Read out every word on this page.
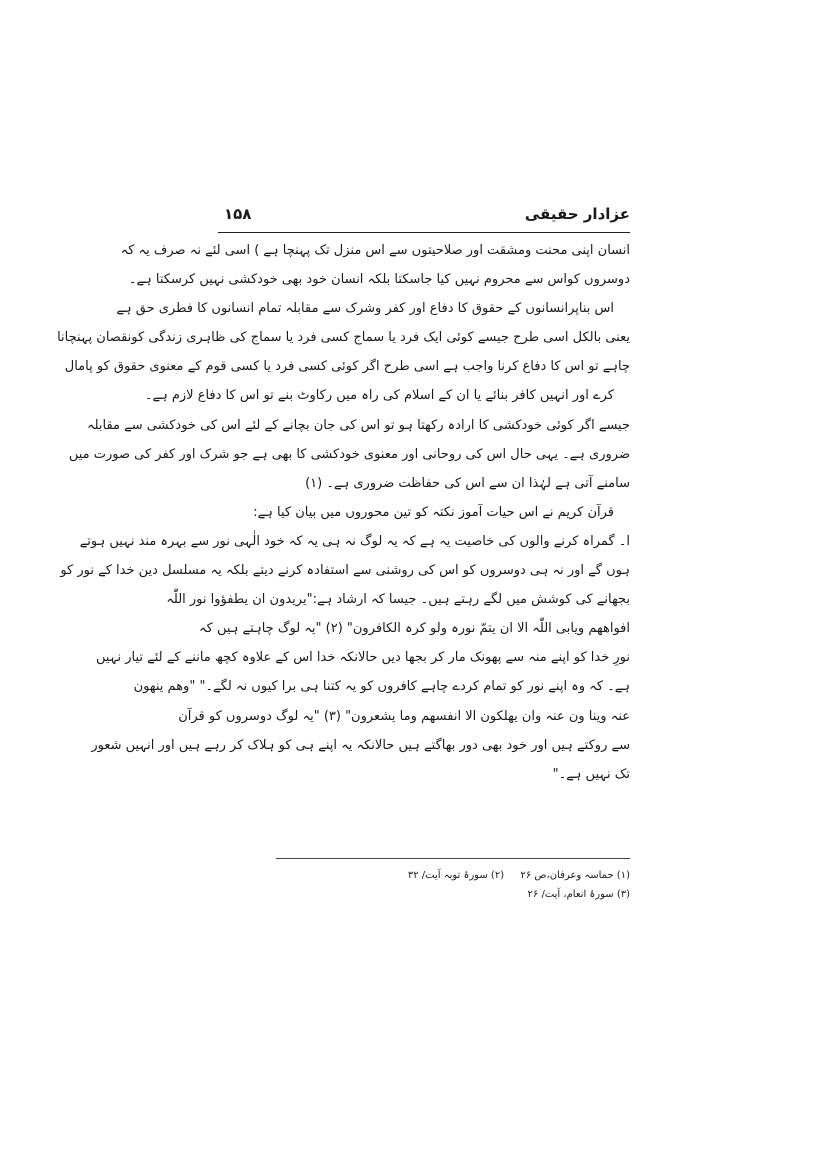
عزادار حقیقی
۱۵۸
انسان اپنی محنت ومشقت اور صلاحیتوں سے اس منزل تک پہنچا ہے ) اسی لئے نہ صرف یہ کہ
دوسروں کواس سے محروم نہیں کیا جاسکتا بلکہ انسان خود بھی خودکشی نہیں کرسکتا ہے۔
اس بناپرانسانوں کے حقوق کا دفاع اور کفر وشرک سے مقابلہ تمام انسانوں کا فطری حق ہے
یعنی بالکل اسی طرح جیسے کوئی ایک فرد یا سماج کسی فرد یا سماج کی ظاہری زندگی کونقصان پہنچانا
چاہے تو اس کا دفاع کرنا واجب ہے اسی طرح اگر کوئی کسی فرد یا کسی قوم کے معنوی حقوق کو پامال
کرے اور انہیں کافر بنائے یا ان کے اسلام کی راہ میں رکاوٹ بنے تو اس کا دفاع لازم ہے۔
جیسے اگر کوئی خودکشی کا ارادہ رکھتا ہو تو اس کی جان بچانے کے لئے اس کی خودکشی سے مقابلہ
ضروری ہے۔ یہی حال اس کی روحانی اور معنوی خودکشی کا بھی ہے جو شرک اور کفر کی صورت میں
سامنے آتی ہے لہٰذا ان سے اس کی حفاظت ضروری ہے۔ (۱)
قرآن کریم نے اس حیات آموز نکتہ کو تین محوروں میں بیان کیا ہے:
ا۔ گمراہ کرنے والوں کی خاصیت یہ ہے کہ یہ لوگ نہ ہی یہ کہ خود الٰہی نور سے بہرہ مند نہیں ہوتے
ہوں گے اور نہ ہی دوسروں کو اس کی روشنی سے استفادہ کرنے دیتے بلکہ یہ مسلسل دین خدا کے نور کو
بجھانے کی کوشش میں لگے رہتے ہیں۔ جیسا کہ ارشاد ہے:"یریدون ان یطفؤوا نور اللّٰہ
افواھھم ویابی اللّٰہ الا ان یتمّ نورہ ولو کرہ الکافرون" (۲) "یہ لوگ چاہتے ہیں کہ
نورِ خدا کو اپنے منہ سے پھونک مار کر بجھا دیں حالانکہ خدا اس کے علاوہ کچھ ماننے کے لئے تیار نہیں
ہے۔ کہ وہ اپنے نور کو تمام کردے چاہے کافروں کو یہ کتنا ہی برا کیوں نہ لگے۔" "وھم ینھون
عنہ وینا ون عنہ وان یھلکون الا انفسھم وما یشعرون" (۳) "یہ لوگ دوسروں کو قرآن
سے روکتے ہیں اور خود بھی دور بھاگتے ہیں حالانکہ یہ اپنے ہی کو ہلاک کر رہے ہیں اور انہیں شعور
تک نہیں ہے۔"
(۱) حماسہ وعرفان،ص ۲۶  (۲) سورۂ توبہ آیت/ ۳۲
(۳) سورۂ انعام، آیت/ ۲۶
